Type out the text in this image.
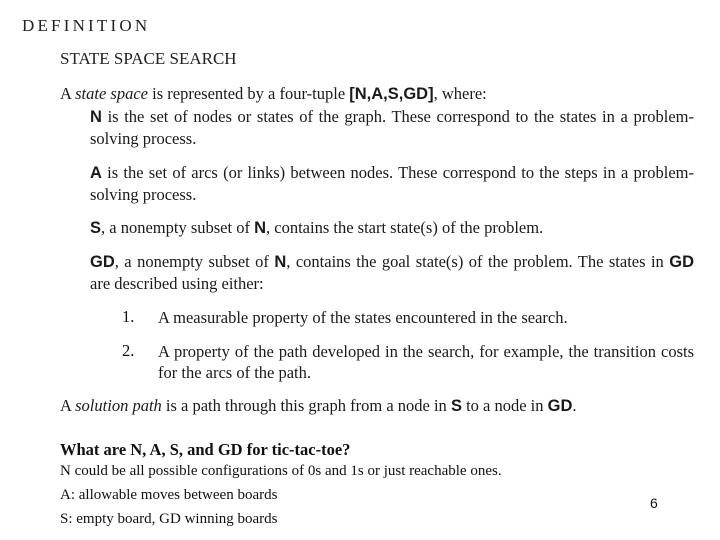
DEFINITION
STATE SPACE SEARCH
A state space is represented by a four-tuple [N,A,S,GD], where:
N is the set of nodes or states of the graph. These correspond to the states in a problem-solving process.
A is the set of arcs (or links) between nodes. These correspond to the steps in a problem-solving process.
S, a nonempty subset of N, contains the start state(s) of the problem.
GD, a nonempty subset of N, contains the goal state(s) of the problem. The states in GD are described using either:
1. A measurable property of the states encountered in the search.
2. A property of the path developed in the search, for example, the transition costs for the arcs of the path.
A solution path is a path through this graph from a node in S to a node in GD.
What are N, A, S, and GD for tic-tac-toe?
N could be all possible configurations of 0s and 1s or just reachable ones.
A: allowable moves between boards
S: empty board, GD winning boards
6
